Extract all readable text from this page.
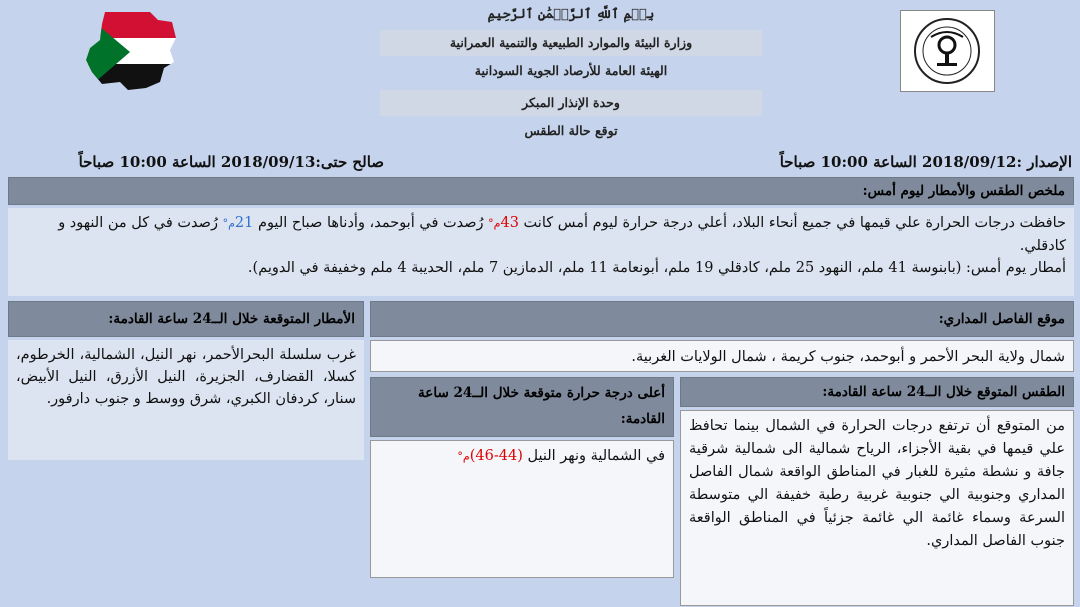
بِسۡمِ ٱللَّهِ ٱلرَّحۡمَٰنِ ٱلرَّحِيمِ
وزارة البيئة والموارد الطبيعية والتنمية العمرانية
الهيئة العامة للأرصاد الجوية السودانية
وحدة الإنذار المبكر
توقع حالة الطقس
الإصدار :2018/09/12 الساعة 10:00 صباحاً
صالح حتى:2018/09/13 الساعة 10:00 صباحاً
ملخص الطقس والأمطار ليوم أمس:
حافظت درجات الحرارة علي قيمها في جميع أنحاء البلاد، أعلي درجة حرارة ليوم أمس كانت 43م° رُصدت في أبوحمد، وأدناها صباح اليوم 21م° رُصدت في كل من النهود و كادقلي.
أمطار يوم أمس: (بابنوسة 41 ملم، النهود 25 ملم، كادقلي 19 ملم، أبونعامة 11 ملم، الدمازين 7 ملم، الحديبة 4 ملم وخفيفة في الدويم).
موقع الفاصل المداري:
شمال ولاية البحر الأحمر و أبوحمد، جنوب كريمة ، شمال الولايات الغربية.
الأمطار المتوقعة خلال الــ24 ساعة القادمة:
غرب سلسلة البحرالأحمر، نهر النيل، الشمالية، الخرطوم، كسلا، القضارف، الجزيرة، النيل الأزرق، النيل الأبيض، سنار، كردفان الكبري، شرق ووسط و جنوب دارفور.	أعلى درجة حرارة متوقعة خلال الــ24 ساعة القادمة:
في الشمالية ونهر النيل (44-46)م°
الطقس المتوقع خلال الــ24 ساعة القادمة:
من المتوقع أن ترتفع درجات الحرارة في الشمال بينما تحافظ علي قيمها في بقية الأجزاء، الرياح شمالية الى شمالية شرقية جافة و نشطة مثيرة للغبار في المناطق الواقعة شمال الفاصل المداري وجنوبية الي جنوبية غربية رطبة خفيفة الي متوسطة السرعة وسماء غائمة الي غائمة جزئياً في المناطق الواقعة جنوب الفاصل المداري.
